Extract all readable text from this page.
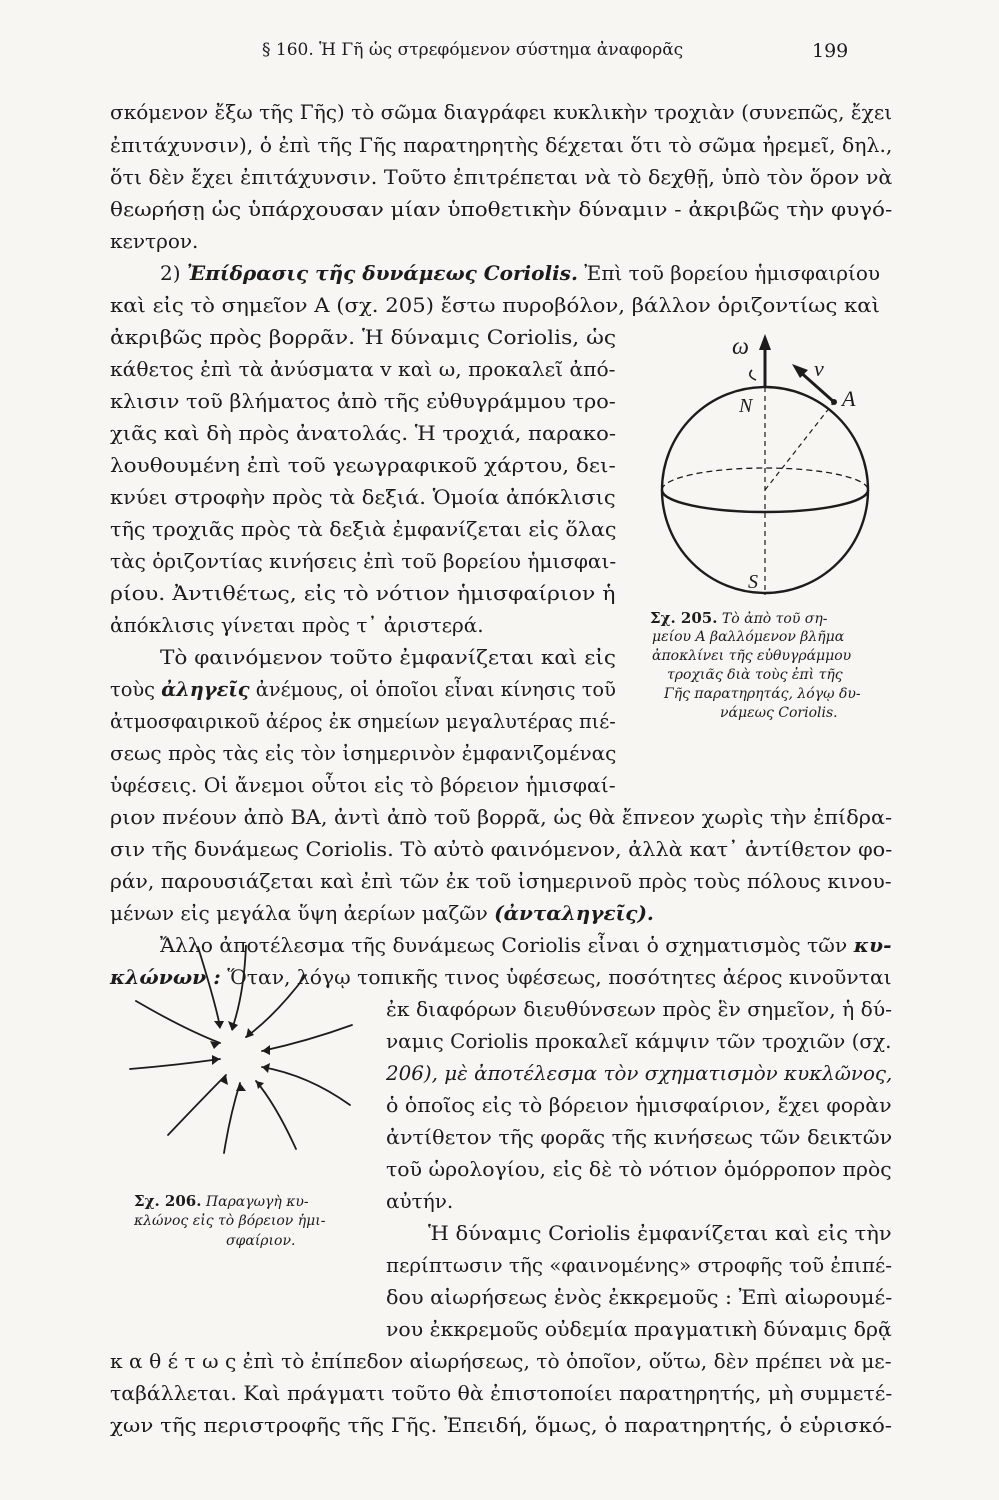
§ 160. Ἡ Γῆ ὡς στρεφόμενον σύστημα ἀναφορᾶς	199
σκόμενον ἔξω τῆς Γῆς) τὸ σῶμα διαγράφει κυκλικὴν τροχιὰν (συνεπῶς, ἔχει
ἐπιτάχυνσιν), ὁ ἐπὶ τῆς Γῆς παρατηρητὴς δέχεται ὅτι τὸ σῶμα ἠρεμεῖ, δηλ.,
ὅτι δὲν ἔχει ἐπιτάχυνσιν. Τοῦτο ἐπιτρέπεται νὰ τὸ δεχθῇ, ὑπὸ τὸν ὅρον νὰ
θεωρήσῃ ὡς ὑπάρχουσαν μίαν ὑποθετικὴν δύναμιν - ἀκριβῶς τὴν φυγό-
κεντρον.
2) Ἐπίδρασις τῆς δυνάμεως Coriolis. Ἐπὶ τοῦ βορείου ἡμισφαιρίου
καὶ εἰς τὸ σημεῖον A (σχ. 205) ἔστω πυροβόλον, βάλλον ὁριζοντίως καὶ
ἀκριβῶς πρὸς βορρᾶν. Ἡ δύναμις Coriolis, ὡς
κάθετος ἐπὶ τὰ ἀνύσματα v καὶ ω, προκαλεῖ ἀπό-
κλισιν τοῦ βλήματος ἀπὸ τῆς εὐθυγράμμου τρο-
χιᾶς καὶ δὴ πρὸς ἀνατολάς. Ἡ τροχιά, παρακο-
λουθουμένη ἐπὶ τοῦ γεωγραφικοῦ χάρτου, δει-
κνύει στροφὴν πρὸς τὰ δεξιά. Ὁμοία ἀπόκλισις
τῆς τροχιᾶς πρὸς τὰ δεξιὰ ἐμφανίζεται εἰς ὅλας
τὰς ὁριζοντίας κινήσεις ἐπὶ τοῦ βορείου ἡμισφαι-
ρίου. Ἀντιθέτως, εἰς τὸ νότιον ἡμισφαίριον ἡ
ἀπόκλισις γίνεται πρὸς τ᾽ ἀριστερά.
Τὸ φαινόμενον τοῦτο ἐμφανίζεται καὶ εἰς
τοὺς ἀληγεῖς ἀνέμους, οἱ ὁποῖοι εἶναι κίνησις τοῦ
ἀτμοσφαιρικοῦ ἀέρος ἐκ σημείων μεγαλυτέρας πιέ-
σεως πρὸς τὰς εἰς τὸν ἰσημερινὸν ἐμφανιζομένας
ὑφέσεις. Οἱ ἄνεμοι οὗτοι εἰς τὸ βόρειον ἡμισφαί-
ριον πνέουν ἀπὸ ΒΑ, ἀντὶ ἀπὸ τοῦ βορρᾶ, ὡς θὰ ἔπνεον χωρὶς τὴν ἐπίδρα-
σιν τῆς δυνάμεως Coriolis. Τὸ αὐτὸ φαινόμενον, ἀλλὰ κατ᾽ ἀντίθετον φο-
ράν, παρουσιάζεται καὶ ἐπὶ τῶν ἐκ τοῦ ἰσημερινοῦ πρὸς τοὺς πόλους κινου-
μένων εἰς μεγάλα ὕψη ἀερίων μαζῶν (ἀνταληγεῖς).
Ἄλλο ἀποτέλεσμα τῆς δυνάμεως Coriolis εἶναι ὁ σχηματισμὸς τῶν κυ-
κλώνων : Ὅταν, λόγῳ τοπικῆς τινος ὑφέσεως, ποσότητες ἀέρος κινοῦνται
ἐκ διαφόρων διευθύνσεων πρὸς ἓν σημεῖον, ἡ δύ-
ναμις Coriolis προκαλεῖ κάμψιν τῶν τροχιῶν (σχ.
206), μὲ ἀποτέλεσμα τὸν σχηματισμὸν κυκλῶνος,
ὁ ὁποῖος εἰς τὸ βόρειον ἡμισφαίριον, ἔχει φορὰν
ἀντίθετον τῆς φορᾶς τῆς κινήσεως τῶν δεικτῶν
τοῦ ὡρολογίου, εἰς δὲ τὸ νότιον ὁμόρροπον πρὸς
αὐτήν.
Ἡ δύναμις Coriolis ἐμφανίζεται καὶ εἰς τὴν
περίπτωσιν τῆς «φαινομένης» στροφῆς τοῦ ἐπιπέ-
δου αἰωρήσεως ἑνὸς ἐκκρεμοῦς : Ἐπὶ αἰωρουμέ-
νου ἐκκρεμοῦς οὐδεμία πραγματικὴ δύναμις δρᾷ
κ α θ έ τ ω ς ἐπὶ τὸ ἐπίπεδον αἰωρήσεως, τὸ ὁποῖον, οὕτω, δὲν πρέπει νὰ με-
ταβάλλεται. Καὶ πράγματι τοῦτο θὰ ἐπιστοποίει παρατηρητής, μὴ συμμετέ-
χων τῆς περιστροφῆς τῆς Γῆς. Ἐπειδή, ὅμως, ὁ παρατηρητής, ὁ εὑρισκό-
ω
v
A
N
S
Σχ. 205. Τὸ ἀπὸ τοῦ ση-
μείου A βαλλόμενον βλῆμα
ἀποκλίνει τῆς εὐθυγράμμου
τροχιᾶς διὰ τοὺς ἐπὶ τῆς
Γῆς παρατηρητάς, λόγῳ δυ-
νάμεως Coriolis.
Σχ. 206. Παραγωγὴ κυ-
κλώνος εἰς τὸ βόρειον ἡμι-
σφαίριον.
